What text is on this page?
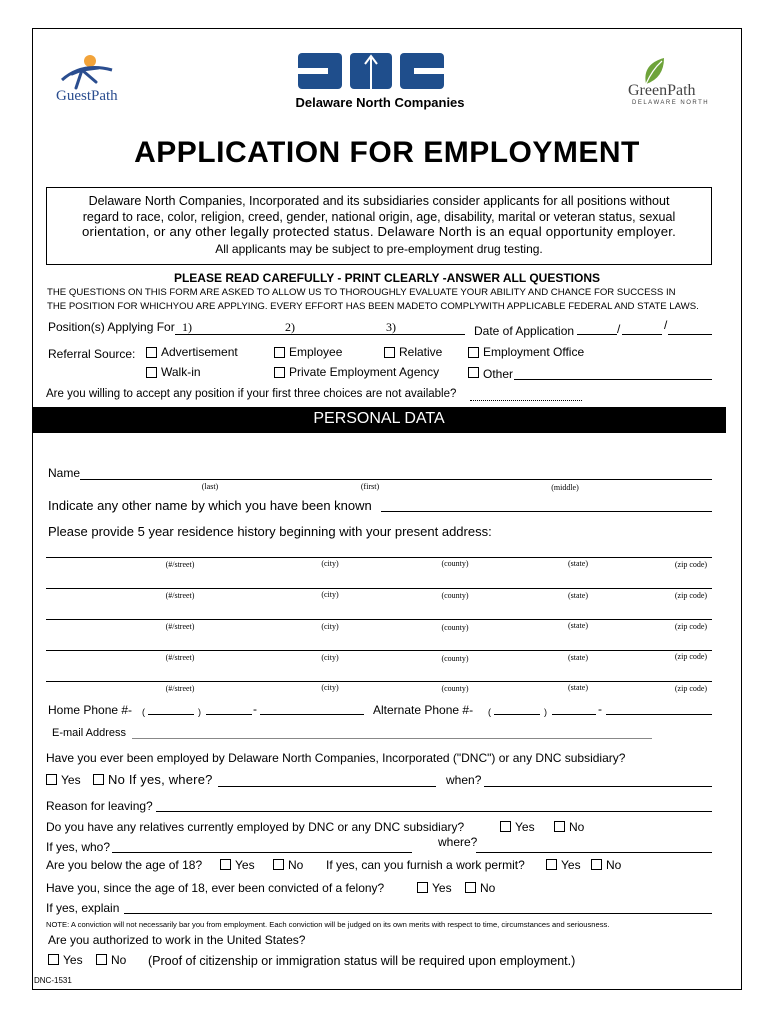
GuestPath	Delaware North Companies
GreenPath
DELAWARE NORTH
APPLICATION FOR EMPLOYMENT
Delaware North Companies, Incorporated and its subsidiaries consider applicants for all positions without
regard to race, color, religion, creed, gender, national origin, age, disability, marital or veteran status, sexual
orientation, or any other legally protected status. Delaware North is an equal opportunity employer.
All applicants may be subject to pre-employment drug testing.
PLEASE READ CAREFULLY - PRINT CLEARLY -ANSWER ALL QUESTIONS
THE QUESTIONS ON THIS FORM ARE ASKED TO ALLOW US TO THOROUGHLY EVALUATE YOUR ABILITY AND CHANCE FOR SUCCESS IN
THE POSITION FOR WHICHYOU ARE APPLYING. EVERY EFFORT HAS BEEN MADETO COMPLYWITH APPLICABLE FEDERAL AND STATE LAWS.
Position(s) Applying For 1)	2)	3)	Date of Application	/	/
Referral Source: Advertisement	Employee	Relative	Employment Office
Walk-in	Private Employment Agency	Other
Are you willing to accept any position if your first three choices are not available?
PERSONAL DATA
Name
(last)	(first)	(middle)
Indicate any other name by which you have been known
Please provide 5 year residence history beginning with your present address:
(#/street)	(city)	(county)	(state)	(zip code)
(#/street)	(city)	(county)	(state)	(zip code)
(#/street)	(city)	(county)	(state)	(zip code)
(#/street)	(city)	(county)	(state)	(zip code)
(#/street)	(city)	(county)	(state)	(zip code)
Home Phone #- (	)	-	Alternate Phone #- (	)	-
E-mail Address
Have you ever been employed by Delaware North Companies, Incorporated ("DNC") or any DNC subsidiary?
Yes No If yes, where?	when?
Reason for leaving?
Do you have any relatives currently employed by DNC or any DNC subsidiary?	Yes	No
If yes, who?	where?
Are you below the age of 18?	Yes	No If yes, can you furnish a work permit?	Yes No
Have you, since the age of 18, ever been convicted of a felony?	Yes No
If yes, explain
NOTE: A conviction will not necessarily bar you from employment. Each conviction will be judged on its own merits with respect to time, circumstances and seriousness.
Are you authorized to work in the United States?
Yes No (Proof of citizenship or immigration status will be required upon employment.)
DNC-1531
